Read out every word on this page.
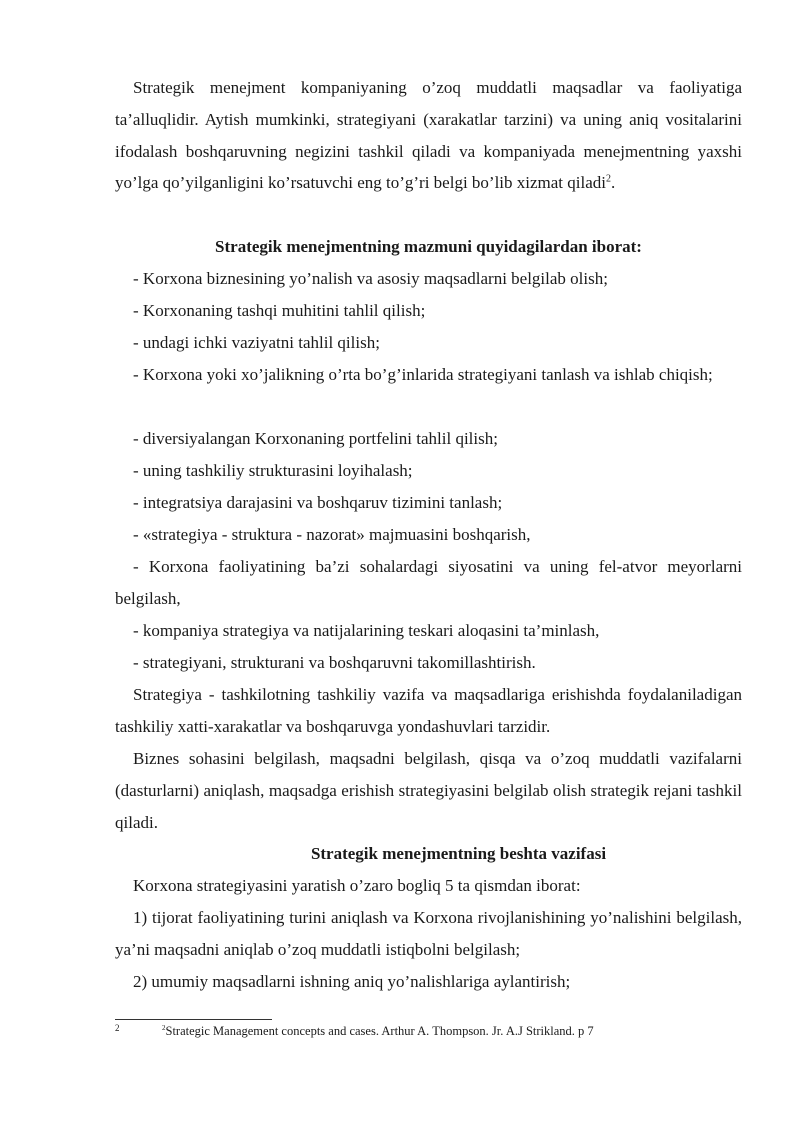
Strategik menejment kompaniyaning o’zoq muddatli maqsadlar va faoliyatiga ta’alluqlidir. Aytish mumkinki, strategiyani (xarakatlar tarzini) va uning aniq vositalarini ifodalash boshqaruvning negizini tashkil qiladi va kompaniyada menejmentning yaxshi yo’lga qo’yilganligini ko’rsatuvchi eng to’g’ri belgi bo’lib xizmat qiladi$^2$.

Strategik menejmentning mazmuni quyidagilardan iborat:

- Korxona biznesining yo’nalish va asosiy maqsadlarni belgilab olish;

- Korxonaning tashqi muhitini tahlil qilish;

- undagi ichki vaziyatni tahlil qilish;

- Korxona yoki xo’jalikning o’rta bo’g’inlarida strategiyani tanlash va ishlab chiqish;

- diversiyalangan Korxonaning portfelini tahlil qilish;

- uning tashkiliy strukturasini loyihalash;

- integratsiya darajasini va boshqaruv tizimini tanlash;

- «strategiya - struktura - nazorat» majmuasini boshqarish,

- Korxona faoliyatining ba’zi sohalardagi siyosatini va uning fel-atvor meyorlarni belgilash,

- kompaniya strategiya va natijalarining teskari aloqasini ta’minlash,

- strategiyani, strukturani va boshqaruvni takomillashtirish.

Strategiya - tashkilotning tashkiliy vazifa va maqsadlariga erishishda foydalaniladigan tashkiliy xatti-xarakatlar va boshqaruvga yondashuvlari tarzidir.

Biznes sohasini belgilash, maqsadni belgilash, qisqa va o’zoq muddatli vazifalarni (dasturlarni) aniqlash, maqsadga erishish strategiyasini belgilab olish strategik rejani tashkil qiladi.

Strategik menejmentning beshta vazifasi

Korxona strategiyasini yaratish o’zaro bogliq 5 ta qismdan iborat:

1) tijorat faoliyatining turini aniqlash va Korxona rivojlanishining yo’nalishini belgilash, ya’ni maqsadni aniqlab o’zoq muddatli istiqbolni belgilash;

2) umumiy maqsadlarni ishning aniq yo’nalishlariga aylantirish;

2	$^2$Strategic Management concepts and cases. Arthur A. Thompson. Jr. A.J Strikland. p 7
